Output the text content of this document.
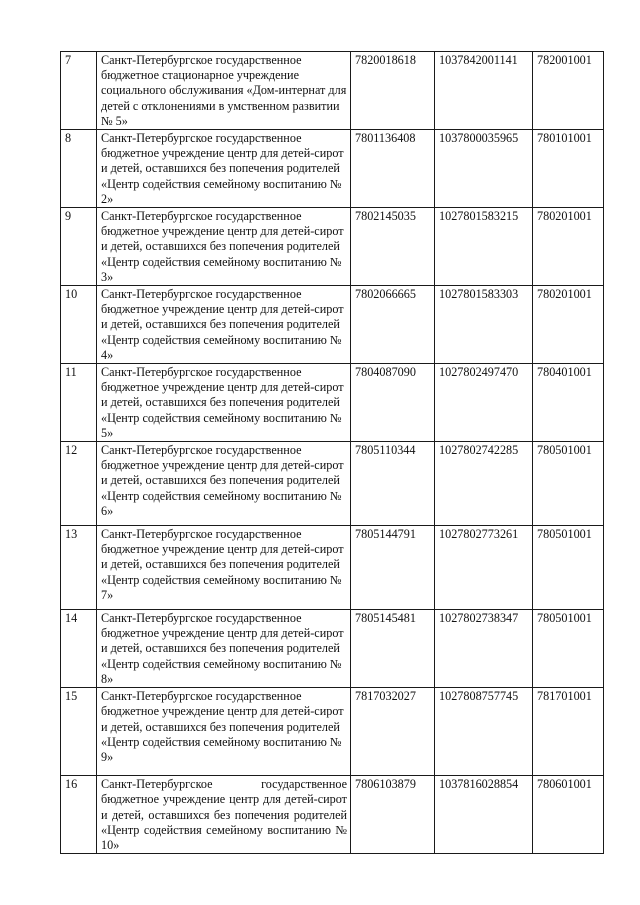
7	Санкт-Петербургское государственное бюджетное стационарное учреждение социального обслуживания «Дом-интернат для детей с отклонениями в умственном развитии № 5»	7820018618	1037842001141	782001001
8	Санкт-Петербургское государственное бюджетное учреждение центр для детей-сирот и детей, оставшихся без попечения родителей «Центр содействия семейному воспитанию № 2»	7801136408	1037800035965	780101001
9	Санкт-Петербургское государственное бюджетное учреждение центр для детей-сирот и детей, оставшихся без попечения родителей «Центр содействия семейному воспитанию № 3»	7802145035	1027801583215	780201001
10	Санкт-Петербургское государственное бюджетное учреждение центр для детей-сирот и детей, оставшихся без попечения родителей «Центр содействия семейному воспитанию № 4»	7802066665	1027801583303	780201001
11	Санкт-Петербургское государственное бюджетное учреждение центр для детей-сирот и детей, оставшихся без попечения родителей «Центр содействия семейному воспитанию № 5»	7804087090	1027802497470	780401001
12	Санкт-Петербургское государственное бюджетное учреждение центр для детей-сирот и детей, оставшихся без попечения родителей «Центр содействия семейному воспитанию № 6»	7805110344	1027802742285	780501001
13	Санкт-Петербургское государственное бюджетное учреждение центр для детей-сирот и детей, оставшихся без попечения родителей «Центр содействия семейному воспитанию № 7»	7805144791	1027802773261	780501001
14	Санкт-Петербургское государственное бюджетное учреждение центр для детей-сирот и детей, оставшихся без попечения родителей «Центр содействия семейному воспитанию № 8»	7805145481	1027802738347	780501001
15	Санкт-Петербургское государственное бюджетное учреждение центр для детей-сирот и детей, оставшихся без попечения родителей «Центр содействия семейному воспитанию № 9»	7817032027	1027808757745	781701001
16	Санкт-Петербургское государственное бюджетное учреждение центр для детей-сирот и детей, оставшихся без попечения родителей «Центр содействия семейному воспитанию № 10»	7806103879	1037816028854	780601001
